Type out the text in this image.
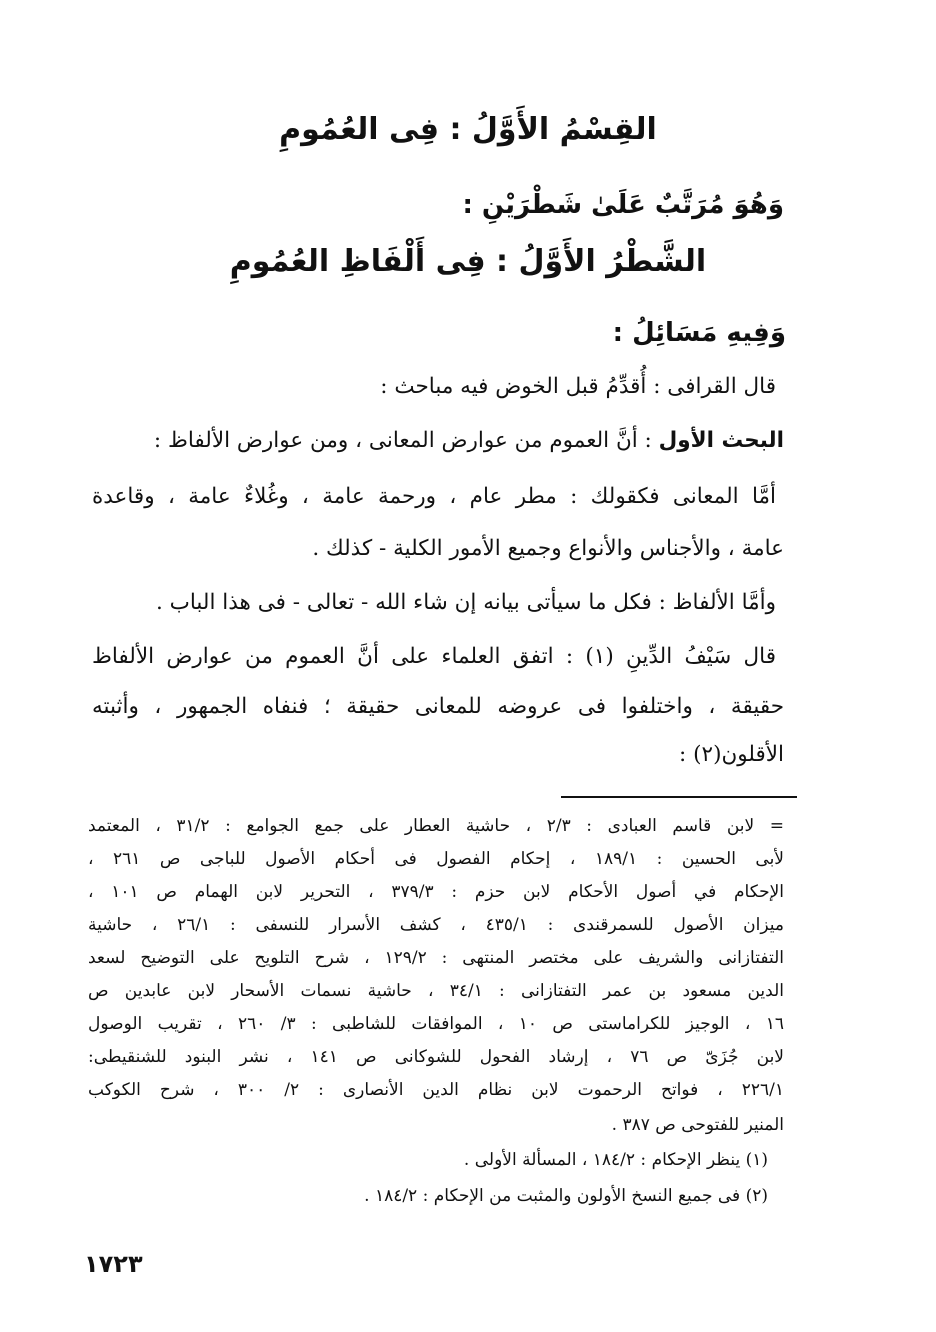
القِسْمُ الأَوَّلُ : فِى العُمُومِ
وَهُوَ مُرَتَّبٌ عَلَىٰ شَطْرَيْنِ :
الشَّطْرُ الأَوَّلُ : فِى أَلْفَاظِ العُمُومِ
وَفِيهِ مَسَائِلُ :
قال القرافى : أُقدِّمُ قبل الخوض فيه مباحث :
البحث الأول : أنَّ العموم من عوارض المعانى ، ومن عوارض الألفاظ :
أمَّا المعانى فكقولك : مطر عام ، ورحمة عامة ، وغُلاءٌ عامة ، وقاعدة
عامة ، والأجناس والأنواع وجميع الأمور الكلية - كذلك .
وأمَّا الألفاظ : فكل ما سيأتى بيانه إن شاء الله - تعالى - فى هذا الباب .
قال سَيْفُ الدِّينِ (١) : اتفق العلماء على أنَّ العموم من عوارض الألفاظ
حقيقة ، واختلفوا فى عروضه للمعانى حقيقة ؛ فنفاه الجمهور ، وأثبته
الأقلون(٢) :
= لابن قاسم العبادى : ٢/٣ ، حاشية العطار على جمع الجوامع : ٣١/٢ ، المعتمد
لأبى الحسين : ١٨٩/١ ، إحكام الفصول فى أحكام الأصول للباجى ص ٢٦١ ،
الإحكام في أصول الأحكام لابن حزم : ٣٧٩/٣ ، التحرير لابن الهمام ص ١٠١ ،
ميزان الأصول للسمرقندى : ٤٣٥/١ ، كشف الأسرار للنسفى : ٢٦/١ ، حاشية
التفتازانى والشريف على مختصر المنتهى : ١٢٩/٢ ، شرح التلويح على التوضيح لسعد
الدين مسعود بن عمر التفتازانى : ٣٤/١ ، حاشية نسمات الأسحار لابن عابدين ص
١٦ ، الوجيز للكراماستى ص ١٠ ، الموافقات للشاطبى : ٣/ ٢٦٠ ، تقريب الوصول
لابن جُزَىّ ص ٧٦ ، إرشاد الفحول للشوكانى ص ١٤١ ، نشر البنود للشنقيطى:
٢٢٦/١ ، فواتح الرحموت لابن نظام الدين الأنصارى : ٢/ ٣٠٠ ، شرح الكوكب
المنير للفتوحى ص ٣٨٧ .
(١) ينظر الإحكام : ١٨٤/٢ ، المسألة الأولى .
(٢) فى جميع النسخ الأولون والمثبت من الإحكام : ١٨٤/٢ .
١٧٢٣
